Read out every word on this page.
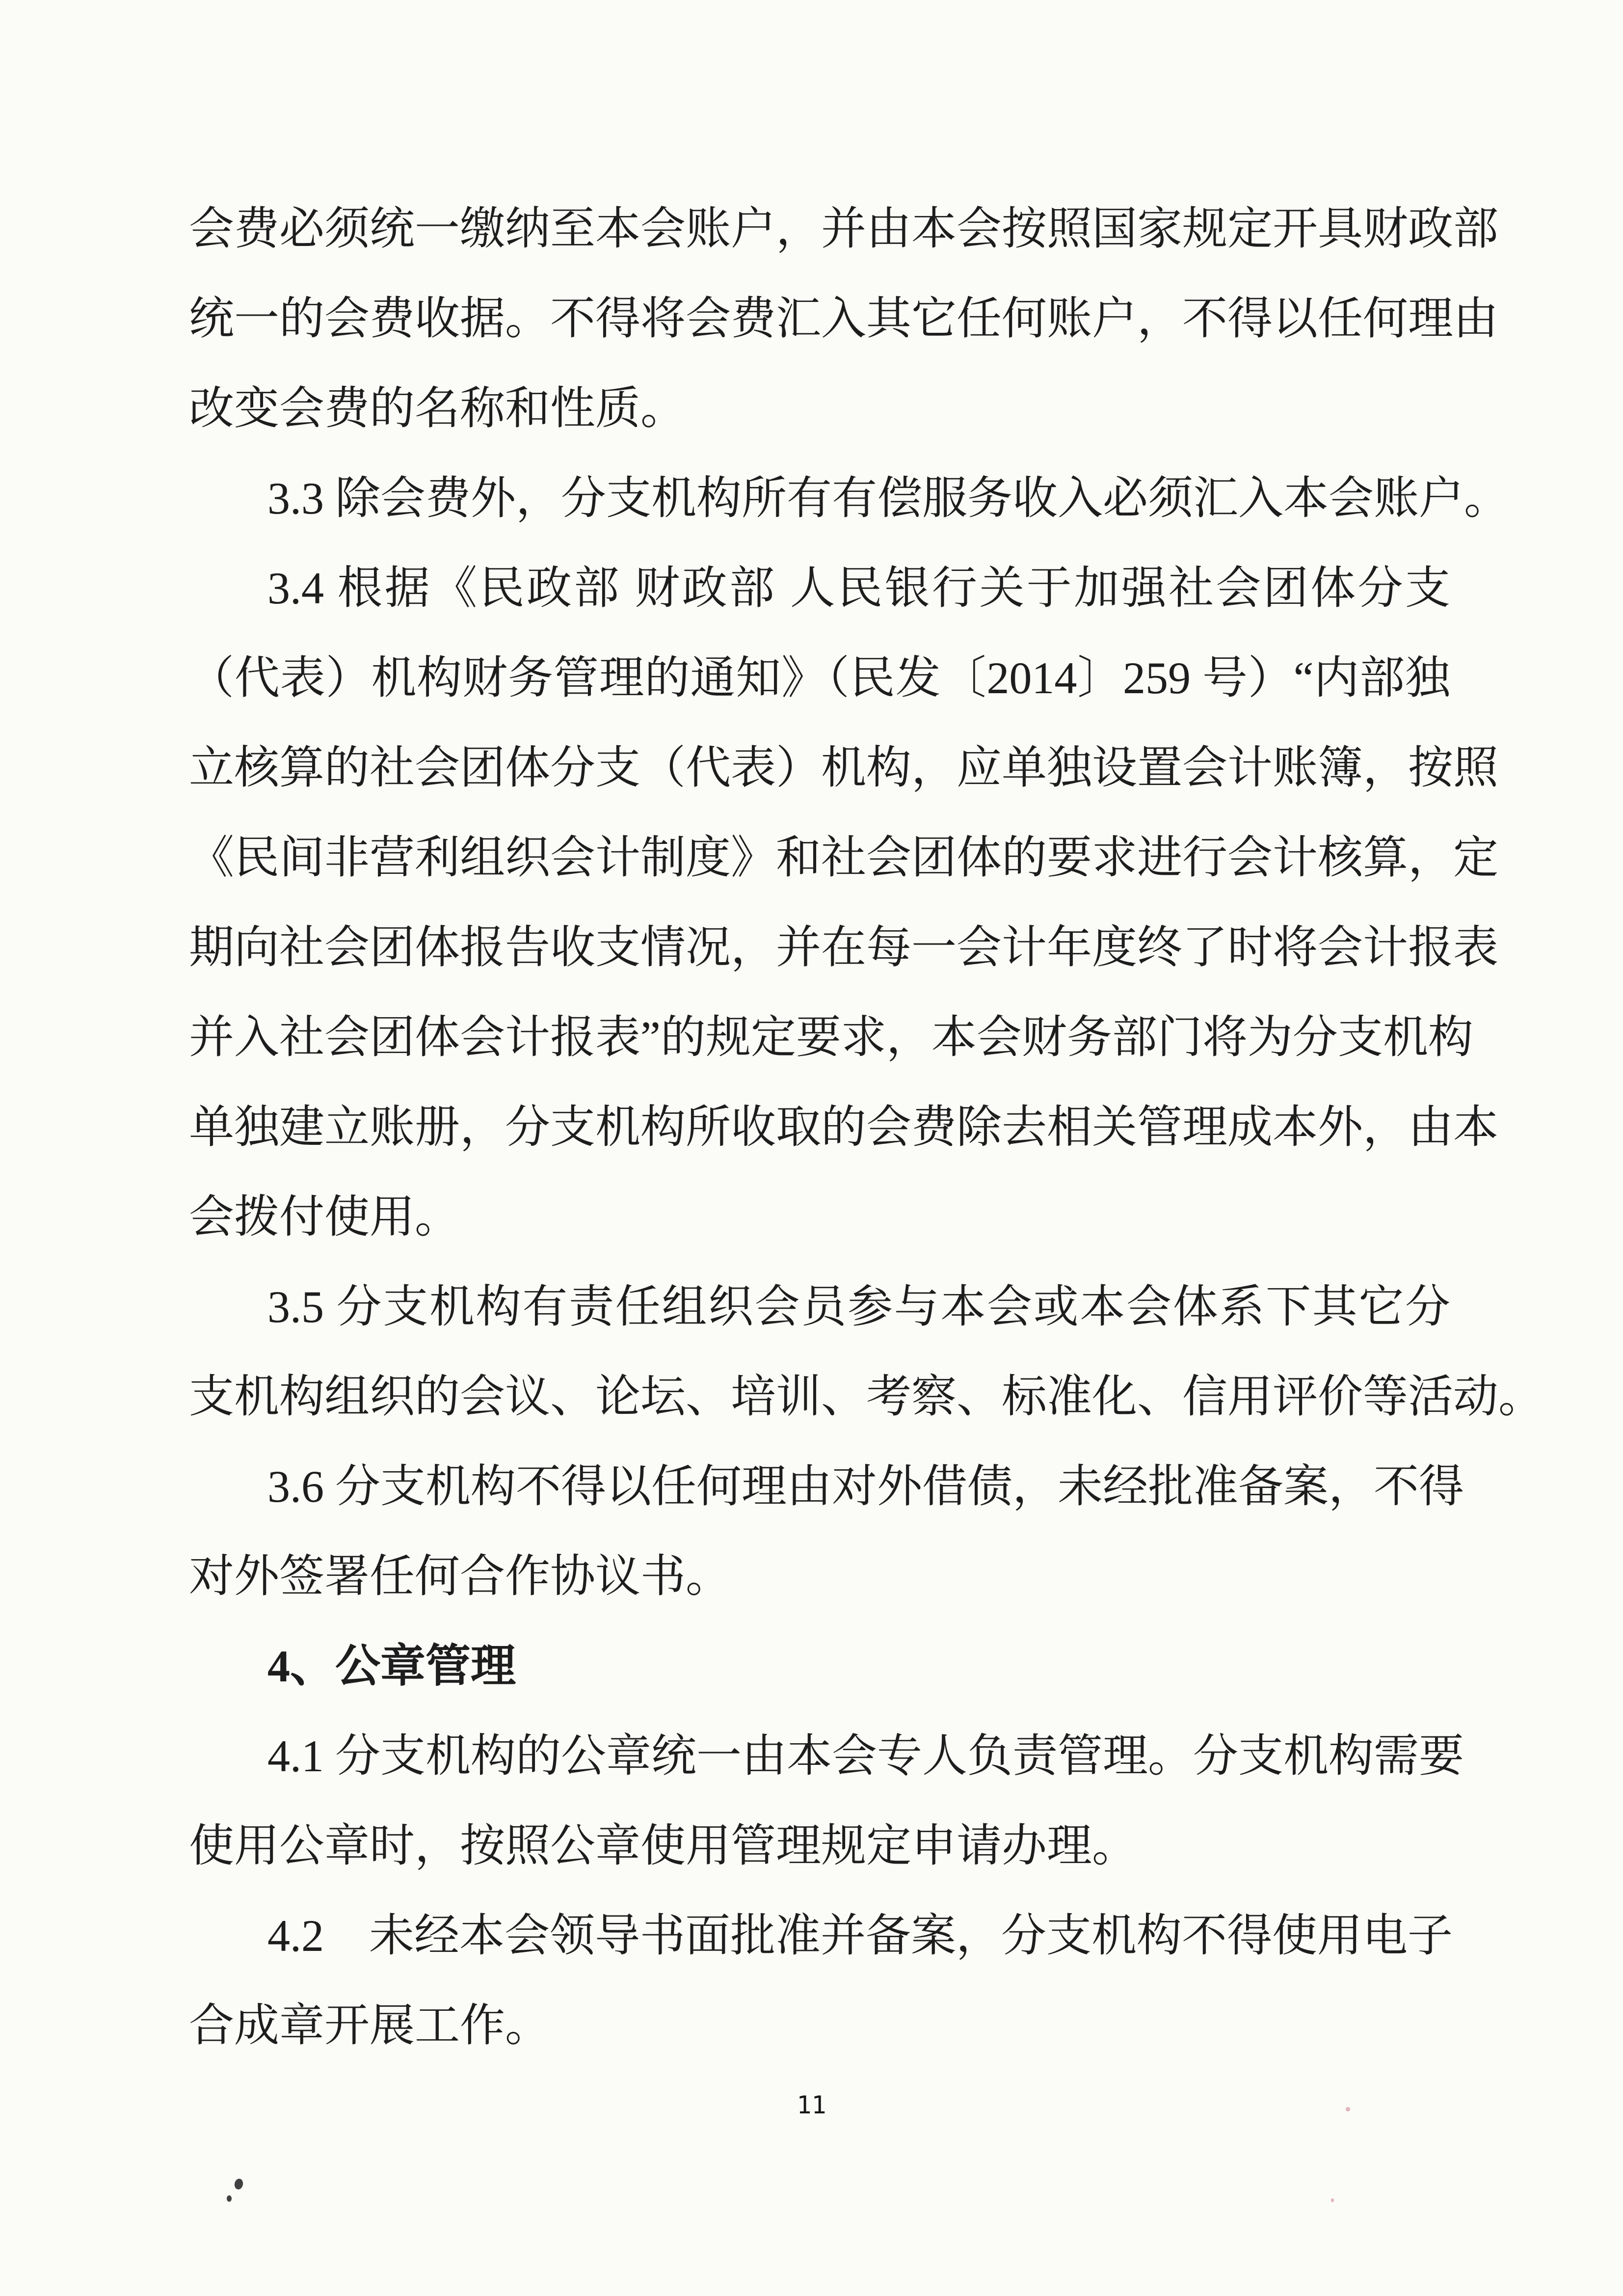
会费必须统一缴纳至本会账户，并由本会按照国家规定开具财政部
统一的会费收据。不得将会费汇入其它任何账户，不得以任何理由
改变会费的名称和性质。
3.3 除会费外，分支机构所有有偿服务收入必须汇入本会账户。
3.4 根据《民政部 财政部 人民银行关于加强社会团体分支
（代表）机构财务管理的通知》（民发〔2014〕259 号）“内部独
立核算的社会团体分支（代表）机构，应单独设置会计账簿，按照
《民间非营利组织会计制度》和社会团体的要求进行会计核算，定
期向社会团体报告收支情况，并在每一会计年度终了时将会计报表
并入社会团体会计报表”的规定要求，本会财务部门将为分支机构
单独建立账册，分支机构所收取的会费除去相关管理成本外，由本
会拨付使用。
3.5 分支机构有责任组织会员参与本会或本会体系下其它分
支机构组织的会议、论坛、培训、考察、标准化、信用评价等活动。
3.6 分支机构不得以任何理由对外借债，未经批准备案，不得
对外签署任何合作协议书。
4、公章管理
4.1 分支机构的公章统一由本会专人负责管理。分支机构需要
使用公章时，按照公章使用管理规定申请办理。
4.2　未经本会领导书面批准并备案，分支机构不得使用电子
合成章开展工作。
11
